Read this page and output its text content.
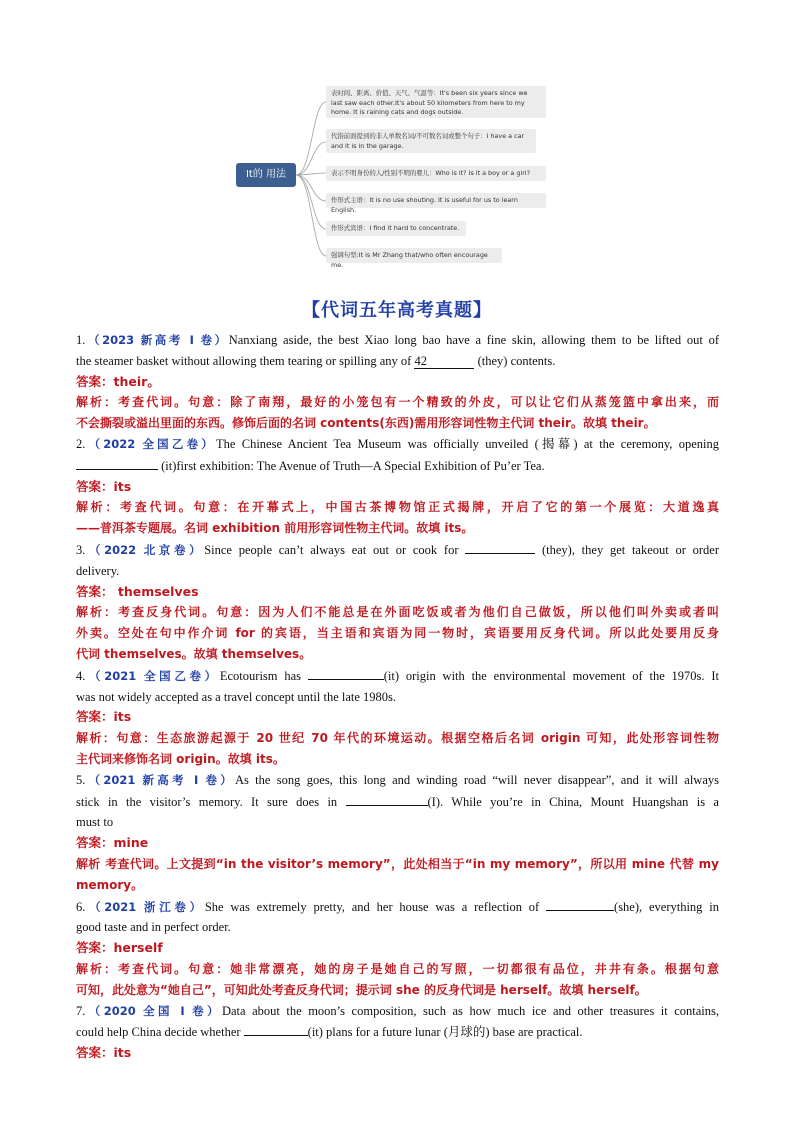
It的 用法
表时间、距离、价值、天气、气温等：It's been six years since we last saw each other.It's about 50 kilometers from here to my home. It is raining cats and dogs outside.
代指前面提到的非人单数名词/不可数名词或整个句子：I have a car and it is in the garage.
表示不明身份的人/性别不明的婴儿：Who is it? Is it a boy or a girl?
作形式主语：It is no use shouting. It is useful for us to learn English.
作形式宾语：I find it hard to concentrate.
强调句型:It is Mr Zhang that/who often encourage me.
【代词五年高考真题】
1.（2023 新高考 I 卷）Nanxiang aside, the best Xiao long bao have a fine skin, allowing them to be lifted out of
the steamer basket without allowing them tearing or spilling any of 42	(they) contents.
答案：their。
解析：考查代词。句意：除了南翔，最好的小笼包有一个精致的外皮，可以让它们从蒸笼篮中拿出来，而
不会撕裂或溢出里面的东西。修饰后面的名词 contents(东西)需用形容词性物主代词 their。故填 their。
2.（2022 全国乙卷）The Chinese Ancient Tea Museum was officially unveiled (揭幕) at the ceremony, opening
(it)first exhibition: The Avenue of Truth—A Special Exhibition of Pu’er Tea.
答案：its
解析：考查代词。句意：在开幕式上，中国古茶博物馆正式揭牌，开启了它的第一个展览：大道逸真
——普洱茶专题展。名词 exhibition 前用形容词性物主代词。故填 its。
3.（2022 北京卷）Since people can’t always eat out or cook for	(they), they get takeout or order
delivery.
答案： themselves
解析：考查反身代词。句意：因为人们不能总是在外面吃饭或者为他们自己做饭，所以他们叫外卖或者叫
外卖。空处在句中作介词 for 的宾语，当主语和宾语为同一物时，宾语要用反身代词。所以此处要用反身
代词 themselves。故填 themselves。
4.（2021 全国乙卷）Ecotourism has	(it) origin with the environmental movement of the 1970s. It
was not widely accepted as a travel concept until the late 1980s.
答案：its
解析：句意：生态旅游起源于 20 世纪 70 年代的环境运动。根据空格后名词 origin 可知，此处形容词性物
主代词来修饰名词 origin。故填 its。
5.（2021 新高考 I 卷）As the song goes, this long and winding road “will never disappear”, and it will always
stick in the visitor’s memory. It sure does in	(I). While you’re in China, Mount Huangshan is a
must to
答案：mine
解析 考查代词。上文提到“in the visitor’s memory”，此处相当于“in my memory”，所以用 mine 代替 my
memory。
6.（2021 浙江卷）She was extremely pretty, and her house was a reflection of	(she), everything in
good taste and in perfect order.
答案：herself
解析：考查代词。句意：她非常漂亮，她的房子是她自己的写照，一切都很有品位，井井有条。根据句意
可知，此处意为“她自己”，可知此处考查反身代词；提示词 she 的反身代词是 herself。故填 herself。
7.（2020 全国 I 卷）Data about the moon’s composition, such as how much ice and other treasures it contains,
could help China decide whether	(it) plans for a future lunar (月球的) base are practical.
答案：its
